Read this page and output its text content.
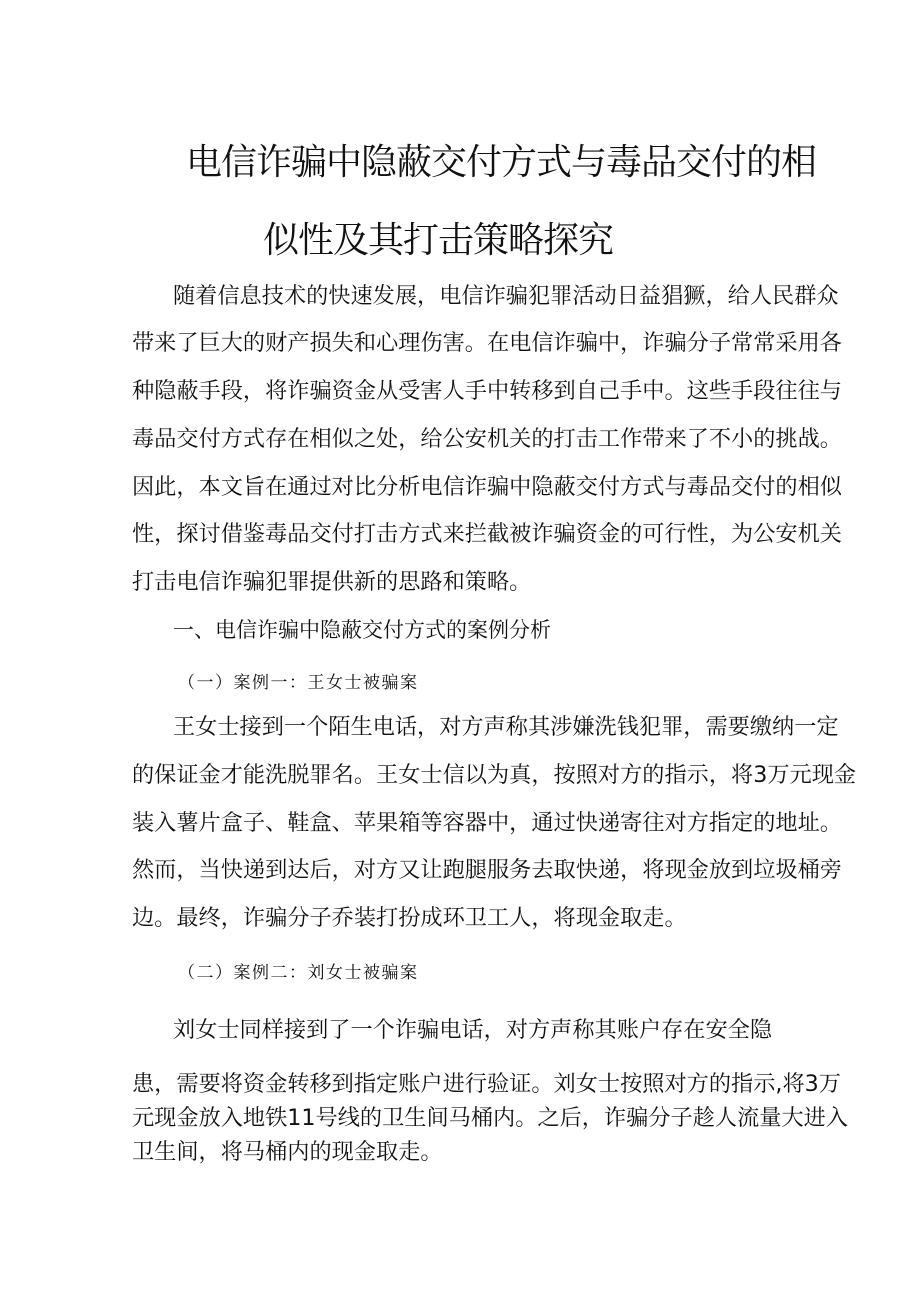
电信诈骗中隐蔽交付方式与毒品交付的相
似性及其打击策略探究

随着信息技术的快速发展，电信诈骗犯罪活动日益猖獗，给人民群众

带来了巨大的财产损失和心理伤害。在电信诈骗中，诈骗分子常常采用各

种隐蔽手段，将诈骗资金从受害人手中转移到自己手中。这些手段往往与

毒品交付方式存在相似之处，给公安机关的打击工作带来了不小的挑战。

因此，本文旨在通过对比分析电信诈骗中隐蔽交付方式与毒品交付的相似

性，探讨借鉴毒品交付打击方式来拦截被诈骗资金的可行性，为公安机关

打击电信诈骗犯罪提供新的思路和策略。

一、电信诈骗中隐蔽交付方式的案例分析

（一）案例一：王女士被骗案

王女士接到一个陌生电话，对方声称其涉嫌洗钱犯罪，需要缴纳一定

的保证金才能洗脱罪名。王女士信以为真，按照对方的指示，将3万元现金

装入薯片盒子、鞋盒、苹果箱等容器中，通过快递寄往对方指定的地址。

然而，当快递到达后，对方又让跑腿服务去取快递，将现金放到垃圾桶旁

边。最终，诈骗分子乔装打扮成环卫工人，将现金取走。

（二）案例二：刘女士被骗案

刘女士同样接到了一个诈骗电话，对方声称其账户存在安全隐

患，需要将资金转移到指定账户进行验证。刘女士按照对方的指示,将3万

元现金放入地铁11号线的卫生间马桶内。之后，诈骗分子趁人流量大进入

卫生间，将马桶内的现金取走。
